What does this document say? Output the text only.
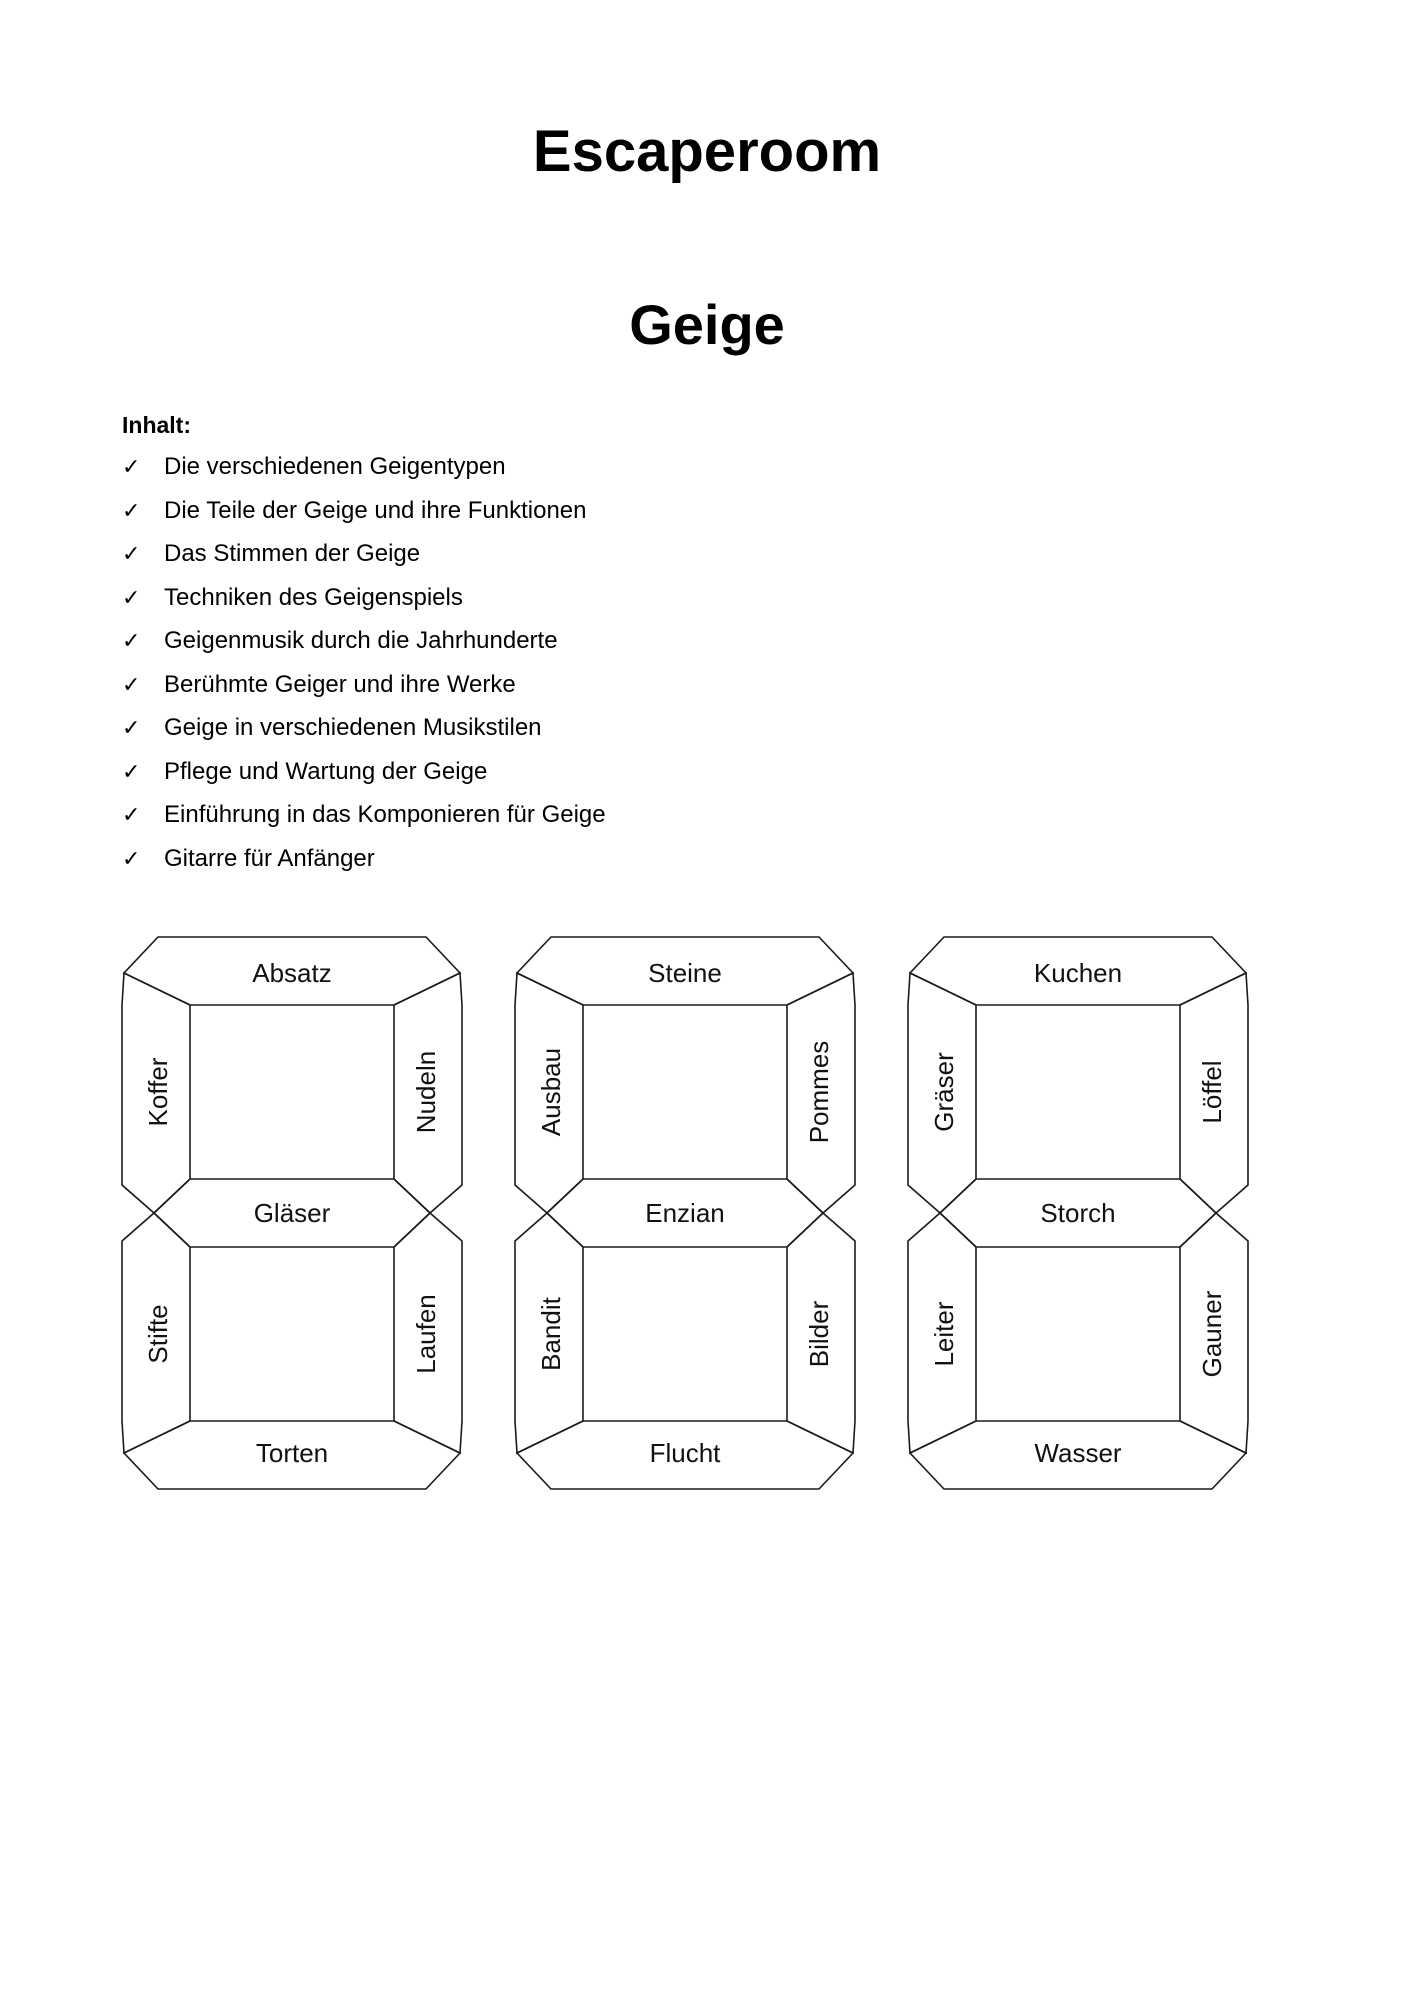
Escaperoom
Geige

Inhalt:

✓ Die verschiedenen Geigentypen
✓ Die Teile der Geige und ihre Funktionen
✓ Das Stimmen der Geige
✓ Techniken des Geigenspiels
✓ Geigenmusik durch die Jahrhunderte
✓ Berühmte Geiger und ihre Werke
✓ Geige in verschiedenen Musikstilen
✓ Pflege und Wartung der Geige
✓ Einführung in das Komponieren für Geige
✓ Gitarre für Anfänger
Absatz
Koffer	Nudeln
Gläser
Stifte	Laufen
Torten
Steine
Ausbau	Pommes
Enzian
Bandit	Bilder
Flucht
Kuchen
Gräser	Löffel
Storch
Leiter	Gauner
Wasser
